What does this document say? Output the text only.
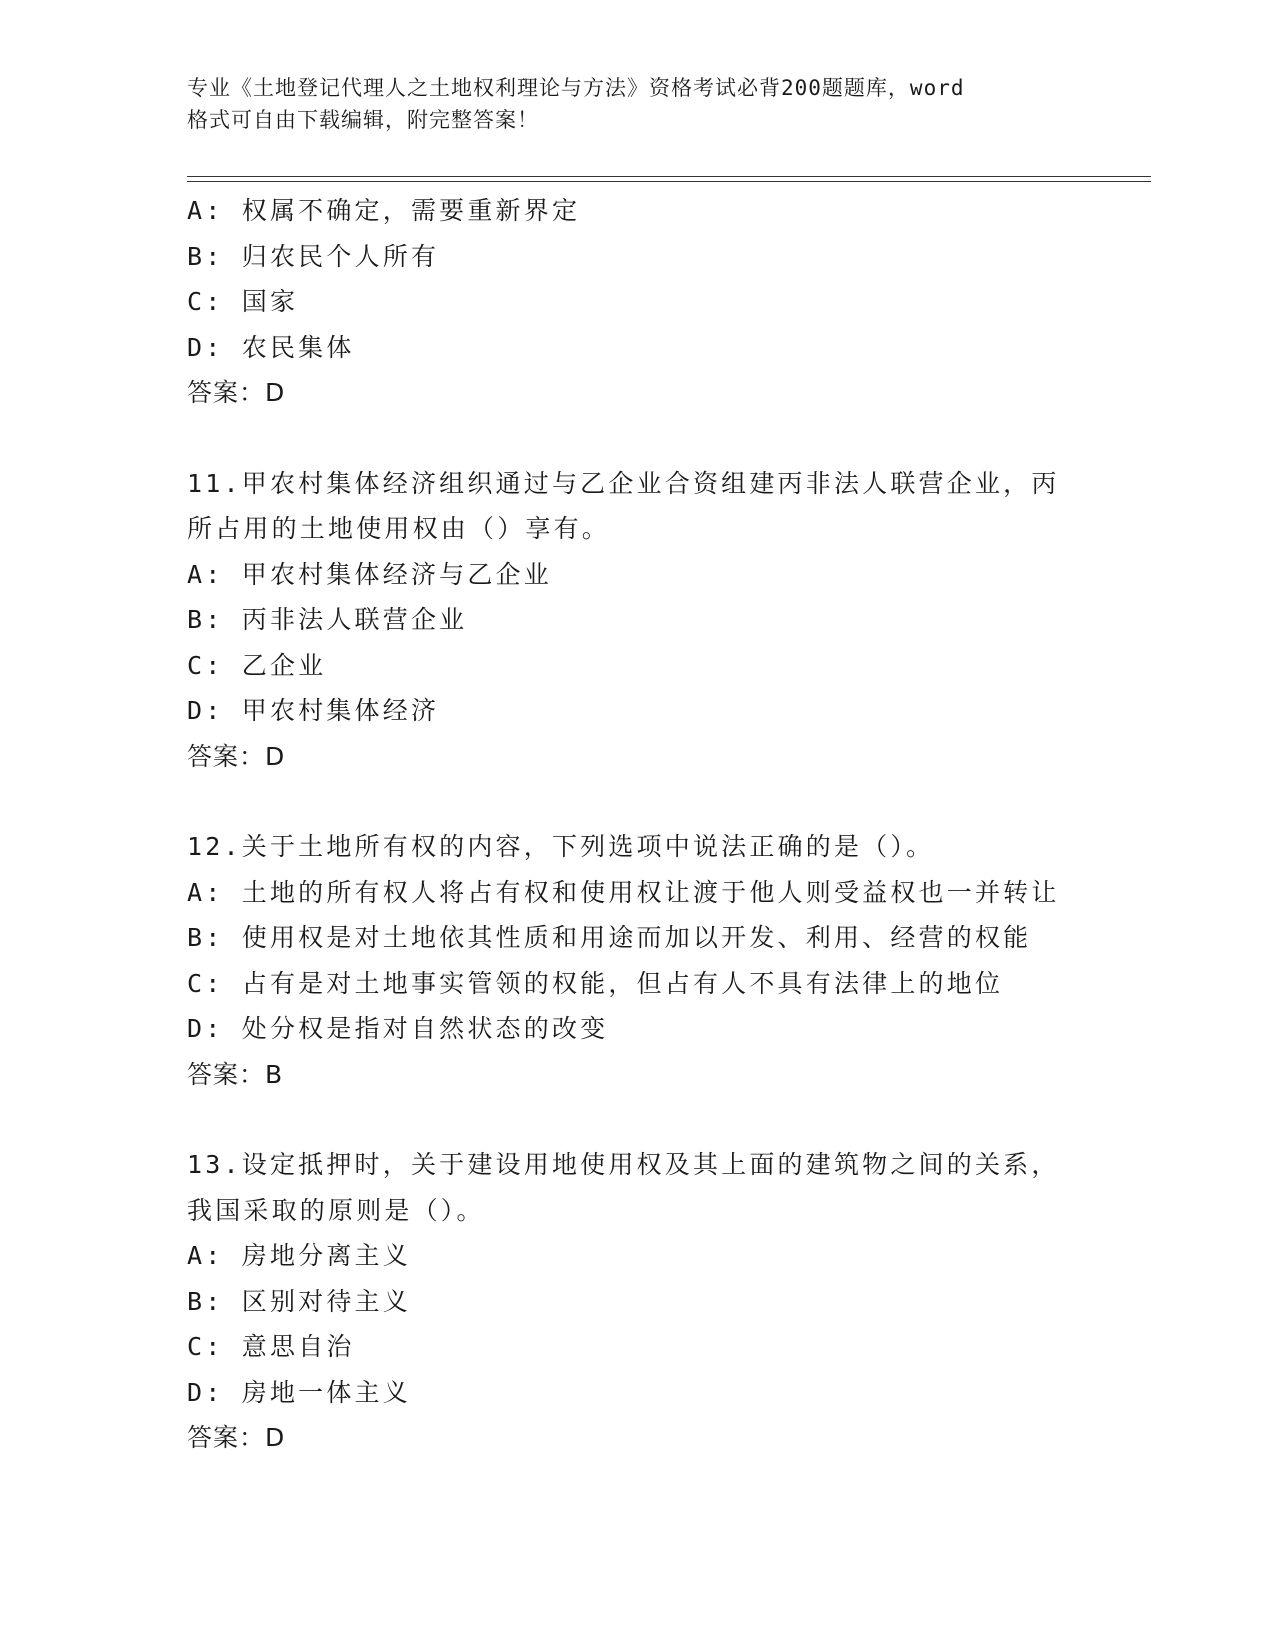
专业《土地登记代理人之土地权利理论与方法》资格考试必背200题题库，word
格式可自由下载编辑，附完整答案！
A: 权属不确定，需要重新界定
B: 归农民个人所有
C: 国家
D: 农民集体
答案：D
11.甲农村集体经济组织通过与乙企业合资组建丙非法人联营企业，丙
所占用的土地使用权由（）享有。
A: 甲农村集体经济与乙企业
B: 丙非法人联营企业
C: 乙企业
D: 甲农村集体经济
答案：D
12.关于土地所有权的内容，下列选项中说法正确的是（）。
A: 土地的所有权人将占有权和使用权让渡于他人则受益权也一并转让
B: 使用权是对土地依其性质和用途而加以开发、利用、经营的权能
C: 占有是对土地事实管领的权能，但占有人不具有法律上的地位
D: 处分权是指对自然状态的改变
答案：B
13.设定抵押时，关于建设用地使用权及其上面的建筑物之间的关系，
我国采取的原则是（）。
A: 房地分离主义
B: 区别对待主义
C: 意思自治
D: 房地一体主义
答案：D
